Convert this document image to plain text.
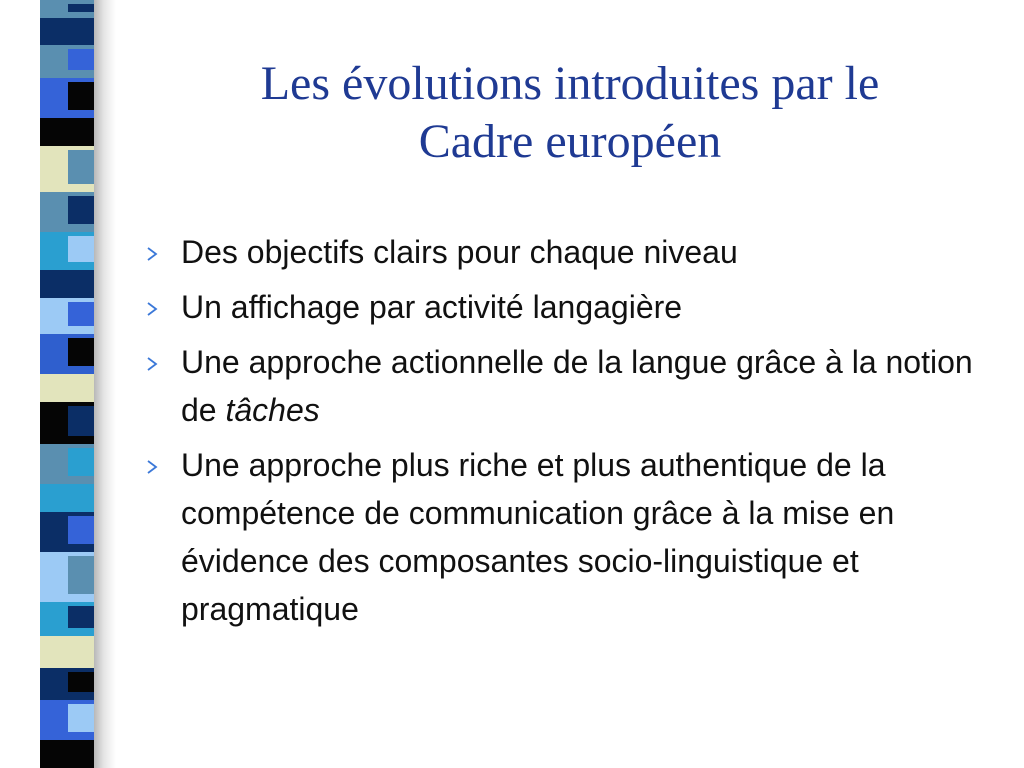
Les évolutions introduites par le
Cadre européen
Des objectifs clairs pour chaque niveau
Un affichage par activité langagière
Une approche actionnelle de la langue grâce à la notion de tâches
Une approche plus riche et plus authentique de la compétence de communication grâce à la mise en évidence des composantes socio-linguistique et pragmatique
